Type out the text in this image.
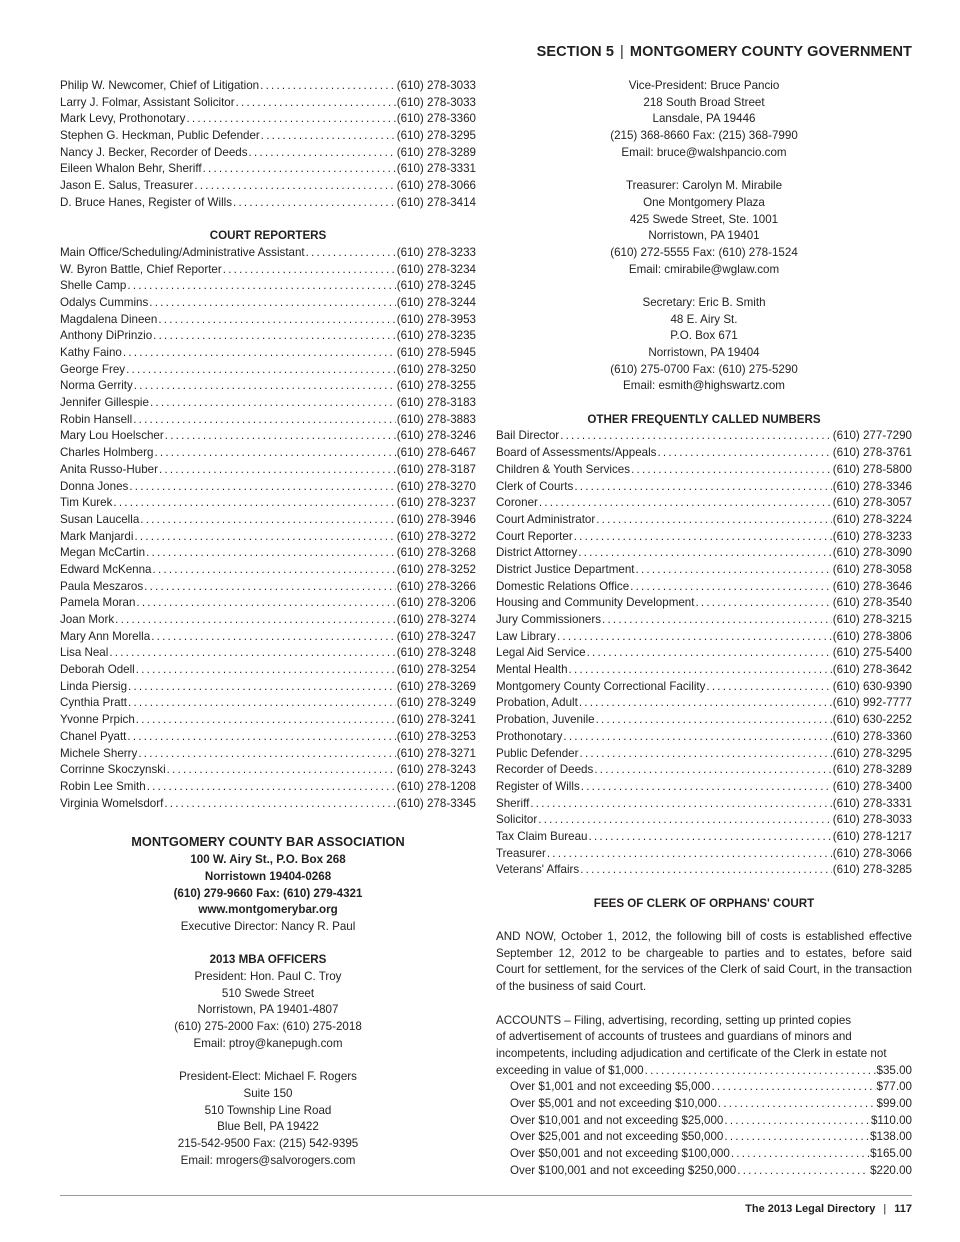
SECTION 5 | MONTGOMERY COUNTY GOVERNMENT
Philip W. Newcomer, Chief of Litigation . . .	(610) 278-3033
Larry J. Folmar, Assistant Solicitor . . .	(610) 278-3033
Mark Levy, Prothonotary . . .	(610) 278-3360
Stephen G. Heckman, Public Defender . . .	(610) 278-3295
Nancy J. Becker, Recorder of Deeds . . .	(610) 278-3289
Eileen Whalon Behr, Sheriff . . .	(610) 278-3331
Jason E. Salus, Treasurer . . .	(610) 278-3066
D. Bruce Hanes, Register of Wills . . .	(610) 278-3414
COURT REPORTERS
Main Office/Scheduling/Administrative Assistant . . .	(610) 278-3233
W. Byron Battle, Chief Reporter . . .	(610) 278-3234
Shelle Camp . . .	(610) 278-3245
Odalys Cummins . . .	(610) 278-3244
Magdalena Dineen . . .	(610) 278-3953
Anthony DiPrinzio . . .	(610) 278-3235
Kathy Faino . . .	(610) 278-5945
George Frey . . .	(610) 278-3250
Norma Gerrity . . .	(610) 278-3255
Jennifer Gillespie . . .	(610) 278-3183
Robin Hansell . . .	(610) 278-3883
Mary Lou Hoelscher . . .	(610) 278-3246
Charles Holmberg . . .	(610) 278-6467
Anita Russo-Huber . . .	(610) 278-3187
Donna Jones . . .	(610) 278-3270
Tim Kurek . . .	(610) 278-3237
Susan Laucella . . .	(610) 278-3946
Mark Manjardi . . .	(610) 278-3272
Megan McCartin . . .	(610) 278-3268
Edward McKenna . . .	(610) 278-3252
Paula Meszaros . . .	(610) 278-3266
Pamela Moran . . .	(610) 278-3206
Joan Mork . . .	(610) 278-3274
Mary Ann Morella . . .	(610) 278-3247
Lisa Neal . . .	(610) 278-3248
Deborah Odell . . .	(610) 278-3254
Linda Piersig . . .	(610) 278-3269
Cynthia Pratt . . .	(610) 278-3249
Yvonne Prpich . . .	(610) 278-3241
Chanel Pyatt . . .	(610) 278-3253
Michele Sherry . . .	(610) 278-3271
Corrinne Skoczynski . . .	(610) 278-3243
Robin Lee Smith . . .	(610) 278-1208
Virginia Womelsdorf . . .	(610) 278-3345
MONTGOMERY COUNTY BAR ASSOCIATION
100 W. Airy St., P.O. Box 268
Norristown 19404-0268
(610) 279-9660 Fax: (610) 279-4321
www.montgomerybar.org
Executive Director: Nancy R. Paul
2013 MBA OFFICERS
President: Hon. Paul C. Troy
510 Swede Street
Norristown, PA 19401-4807
(610) 275-2000 Fax: (610) 275-2018
Email: ptroy@kanepugh.com
President-Elect: Michael F. Rogers
Suite 150
510 Township Line Road
Blue Bell, PA 19422
215-542-9500 Fax: (215) 542-9395
Email: mrogers@salvorogers.com
Vice-President: Bruce Pancio
218 South Broad Street
Lansdale, PA 19446
(215) 368-8660 Fax: (215) 368-7990
Email: bruce@walshpancio.com
Treasurer: Carolyn M. Mirabile
One Montgomery Plaza
425 Swede Street, Ste. 1001
Norristown, PA 19401
(610) 272-5555 Fax: (610) 278-1524
Email: cmirabile@wglaw.com
Secretary: Eric B. Smith
48 E. Airy St.
P.O. Box 671
Norristown, PA 19404
(610) 275-0700 Fax: (610) 275-5290
Email: esmith@highswartz.com
OTHER FREQUENTLY CALLED NUMBERS
Bail Director . . .	(610) 277-7290
Board of Assessments/Appeals . . .	(610) 278-3761
Children & Youth Services . . .	(610) 278-5800
Clerk of Courts . . .	(610) 278-3346
Coroner . . .	(610) 278-3057
Court Administrator . . .	(610) 278-3224
Court Reporter . . .	(610) 278-3233
District Attorney . . .	(610) 278-3090
District Justice Department . . .	(610) 278-3058
Domestic Relations Office . . .	(610) 278-3646
Housing and Community Development . . .	(610) 278-3540
Jury Commissioners . . .	(610) 278-3215
Law Library . . .	(610) 278-3806
Legal Aid Service . . .	(610) 275-5400
Mental Health . . .	(610) 278-3642
Montgomery County Correctional Facility . . .	(610) 630-9390
Probation, Adult . . .	(610) 992-7777
Probation, Juvenile . . .	(610) 630-2252
Prothonotary . . .	(610) 278-3360
Public Defender . . .	(610) 278-3295
Recorder of Deeds . . .	(610) 278-3289
Register of Wills . . .	(610) 278-3400
Sheriff . . .	(610) 278-3331
Solicitor . . .	(610) 278-3033
Tax Claim Bureau . . .	(610) 278-1217
Treasurer . . .	(610) 278-3066
Veterans' Affairs . . .	(610) 278-3285
FEES OF CLERK OF ORPHANS' COURT
AND NOW, October 1, 2012, the following bill of costs is established effective September 12, 2012 to be chargeable to parties and to estates, before said Court for settlement, for the services of the Clerk of said Court, in the transaction of the business of said Court.
ACCOUNTS – Filing, advertising, recording, setting up printed copies
of advertisement of accounts of trustees and guardians of minors and
incompetents, including adjudication and certificate of the Clerk in estate not
exceeding in value of $1,000 . . .	$35.00
Over $1,001 and not exceeding $5,000 . . .	$77.00
Over $5,001 and not exceeding $10,000 . . .	$99.00
Over $10,001 and not exceeding $25,000 . . .	$110.00
Over $25,001 and not exceeding $50,000 . . .	$138.00
Over $50,001 and not exceeding $100,000 . . .	$165.00
Over $100,001 and not exceeding $250,000 . . .	$220.00
The 2013 Legal Directory | 117
